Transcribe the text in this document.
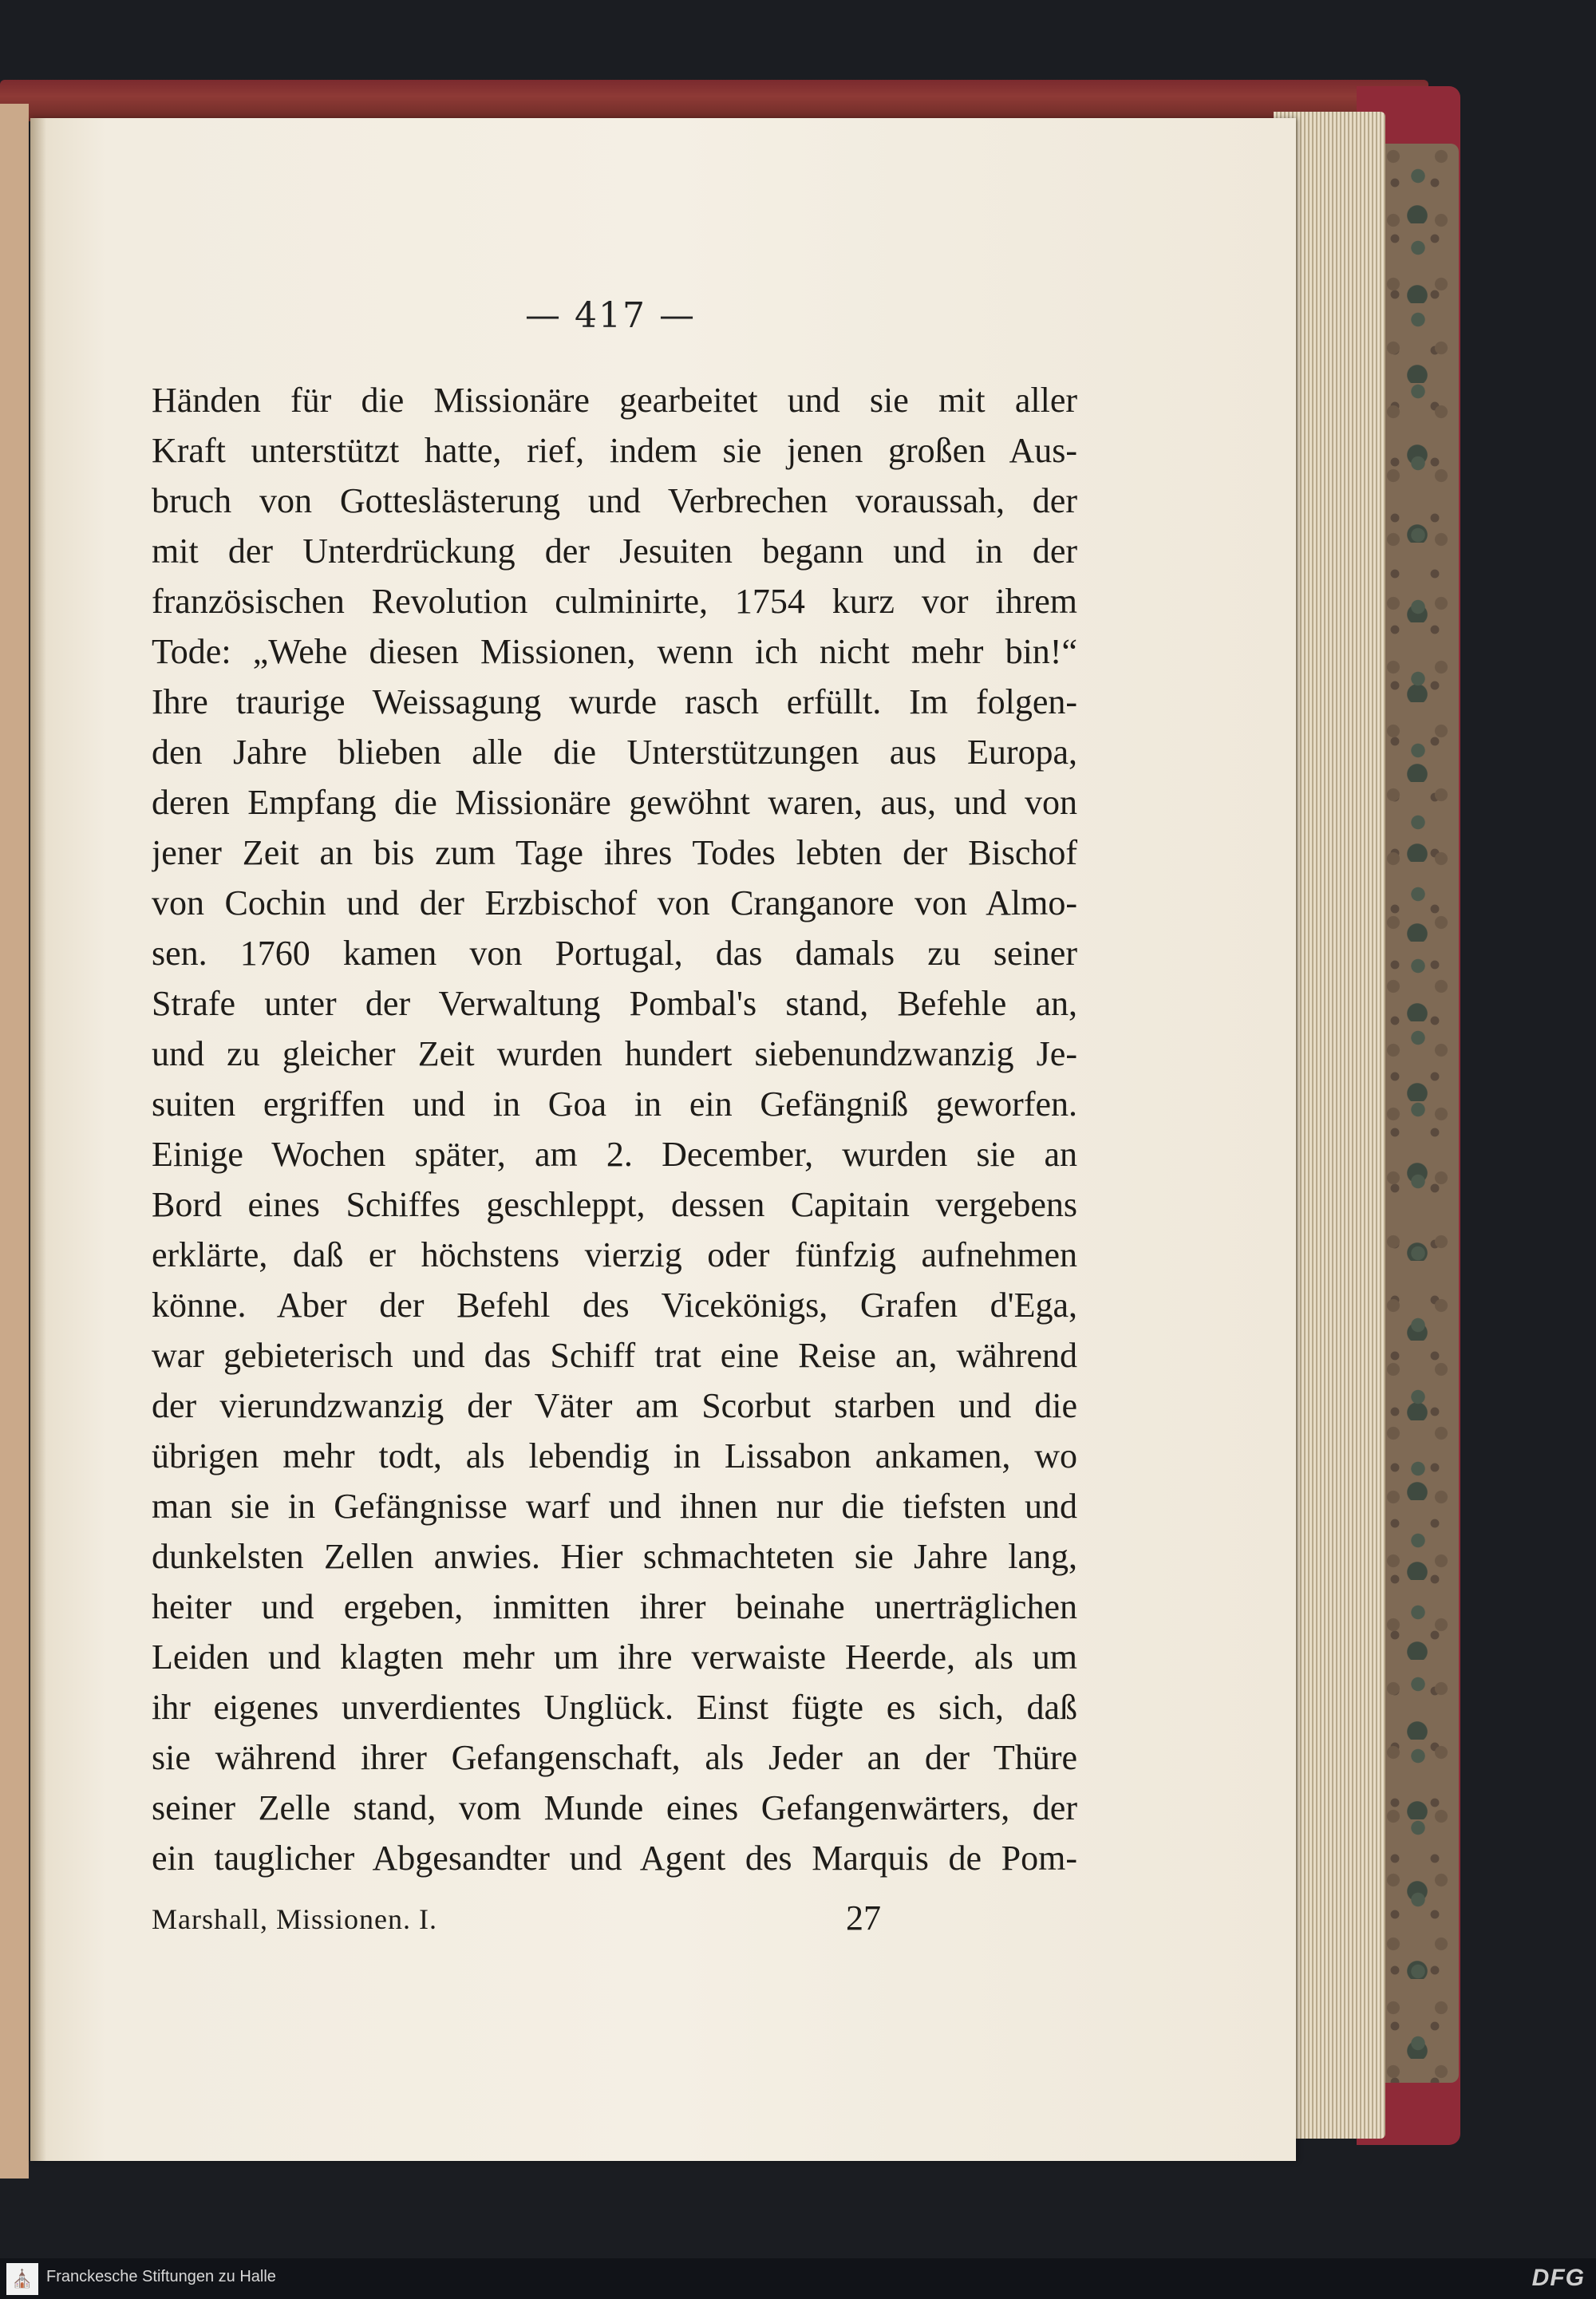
— 417 —
Händen für die Missionäre gearbeitet und sie mit aller
Kraft unterstützt hatte, rief, indem sie jenen großen Aus-
bruch von Gotteslästerung und Verbrechen voraussah, der
mit der Unterdrückung der Jesuiten begann und in der
französischen Revolution culminirte, 1754 kurz vor ihrem
Tode: „Wehe diesen Missionen, wenn ich nicht mehr bin!“
Ihre traurige Weissagung wurde rasch erfüllt. Im folgen-
den Jahre blieben alle die Unterstützungen aus Europa,
deren Empfang die Missionäre gewöhnt waren, aus, und von
jener Zeit an bis zum Tage ihres Todes lebten der Bischof
von Cochin und der Erzbischof von Cranganore von Almo-
sen. 1760 kamen von Portugal, das damals zu seiner
Strafe unter der Verwaltung Pombal's stand, Befehle an,
und zu gleicher Zeit wurden hundert siebenundzwanzig Je-
suiten ergriffen und in Goa in ein Gefängniß geworfen.
Einige Wochen später, am 2. December, wurden sie an
Bord eines Schiffes geschleppt, dessen Capitain vergebens
erklärte, daß er höchstens vierzig oder fünfzig aufnehmen
könne. Aber der Befehl des Vicekönigs, Grafen d'Ega,
war gebieterisch und das Schiff trat eine Reise an, während
der vierundzwanzig der Väter am Scorbut starben und die
übrigen mehr todt, als lebendig in Lissabon ankamen, wo
man sie in Gefängnisse warf und ihnen nur die tiefsten und
dunkelsten Zellen anwies. Hier schmachteten sie Jahre lang,
heiter und ergeben, inmitten ihrer beinahe unerträglichen
Leiden und klagten mehr um ihre verwaiste Heerde, als um
ihr eigenes unverdientes Unglück. Einst fügte es sich, daß
sie während ihrer Gefangenschaft, als Jeder an der Thüre
seiner Zelle stand, vom Munde eines Gefangenwärters, der
ein tauglicher Abgesandter und Agent des Marquis de Pom-
Marshall, Missionen. I.	27
⛪ Franckesche Stiftungen zu Halle	DFG
